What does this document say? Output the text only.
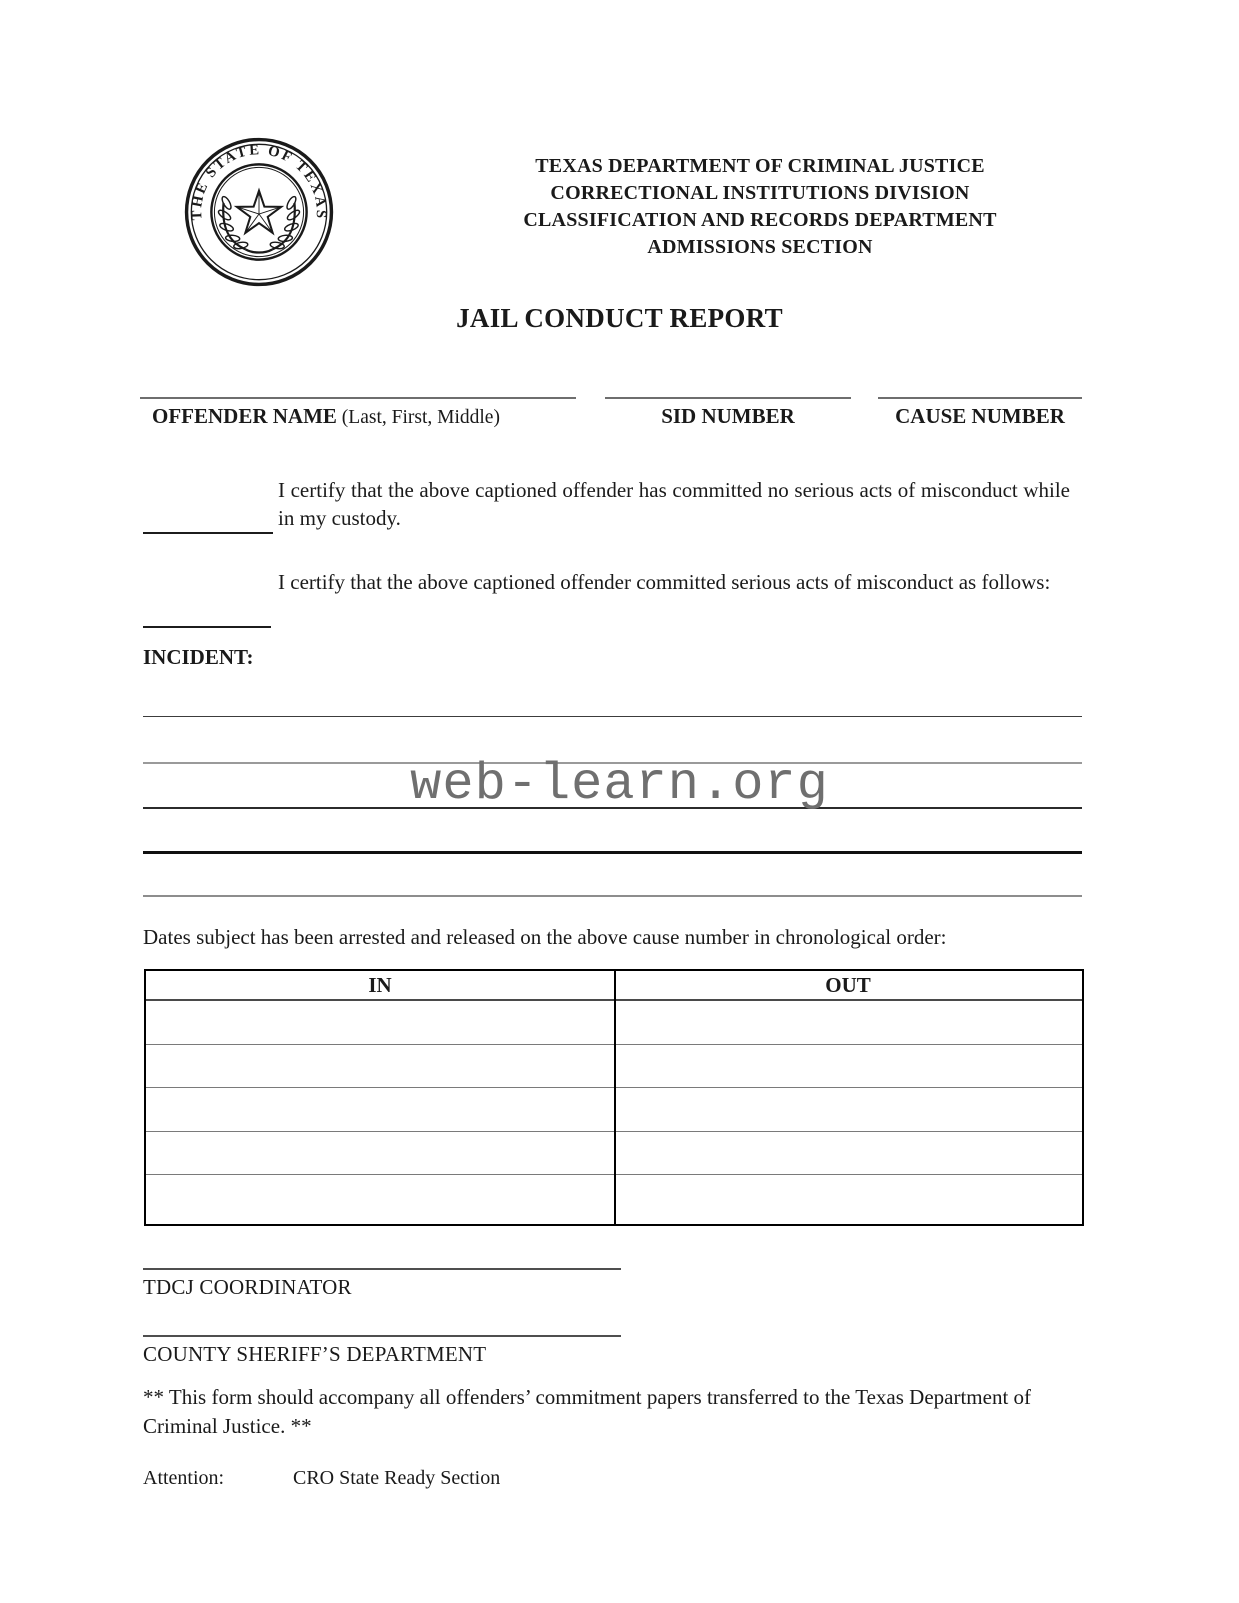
THE STATE OF TEXAS
TEXAS DEPARTMENT OF CRIMINAL JUSTICE
CORRECTIONAL INSTITUTIONS DIVISION
CLASSIFICATION AND RECORDS DEPARTMENT
ADMISSIONS SECTION
JAIL CONDUCT REPORT
OFFENDER NAME (Last, First, Middle)	SID NUMBER	CAUSE NUMBER
I certify that the above captioned offender has committed no serious acts of misconduct while in my custody.
I certify that the above captioned offender committed serious acts of misconduct as follows:
INCIDENT:
web-learn.org
Dates subject has been arrested and released on the above cause number in chronological order:
IN	OUT
TDCJ COORDINATOR
COUNTY SHERIFF’S DEPARTMENT
** This form should accompany all offenders’ commitment papers transferred to the Texas Department of Criminal Justice. **
Attention:	CRO State Ready Section
